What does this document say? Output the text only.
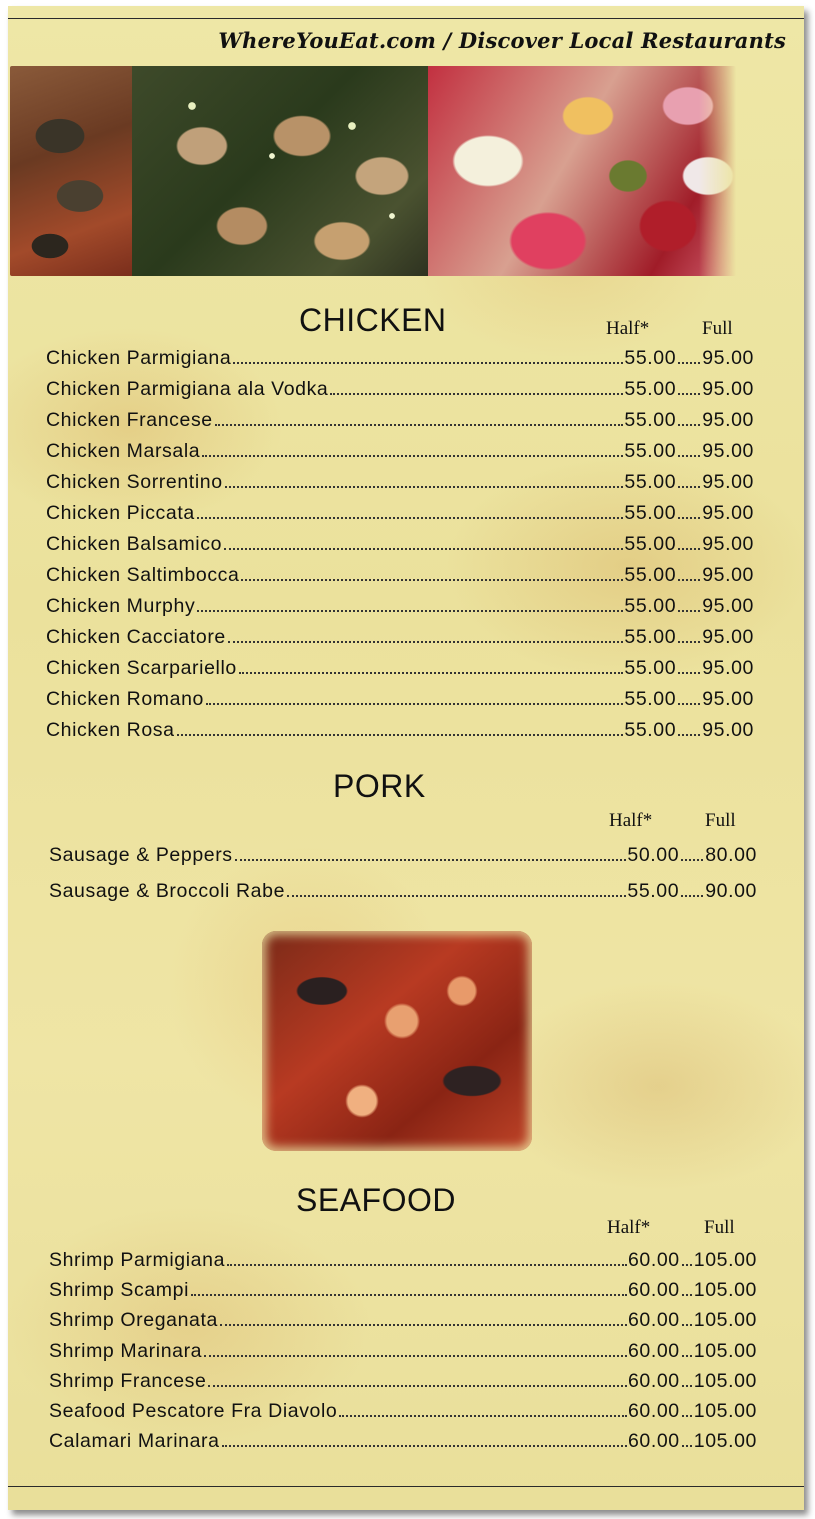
WhereYouEat.com / Discover Local Restaurants
CHICKEN	Half*	Full
Chicken Parmigiana	55.00 95.00
Chicken Parmigiana ala Vodka	55.00 95.00
Chicken Francese	55.00 95.00
Chicken Marsala	55.00 95.00
Chicken Sorrentino	55.00 95.00
Chicken Piccata	55.00 95.00
Chicken Balsamico	55.00 95.00
Chicken Saltimbocca	55.00 95.00
Chicken Murphy	55.00 95.00
Chicken Cacciatore	55.00 95.00
Chicken Scarpariello	55.00 95.00
Chicken Romano	55.00 95.00
Chicken Rosa	55.00 95.00
PORK
Half*	Full
Sausage & Peppers	50.00 80.00
Sausage & Broccoli Rabe	55.00 90.00
SEAFOOD
Half*	Full
Shrimp Parmigiana	60.00 105.00
Shrimp Scampi	60.00 105.00
Shrimp Oreganata	60.00 105.00
Shrimp Marinara	60.00 105.00
Shrimp Francese	60.00 105.00
Seafood Pescatore Fra Diavolo	60.00 105.00
Calamari Marinara	60.00 105.00
